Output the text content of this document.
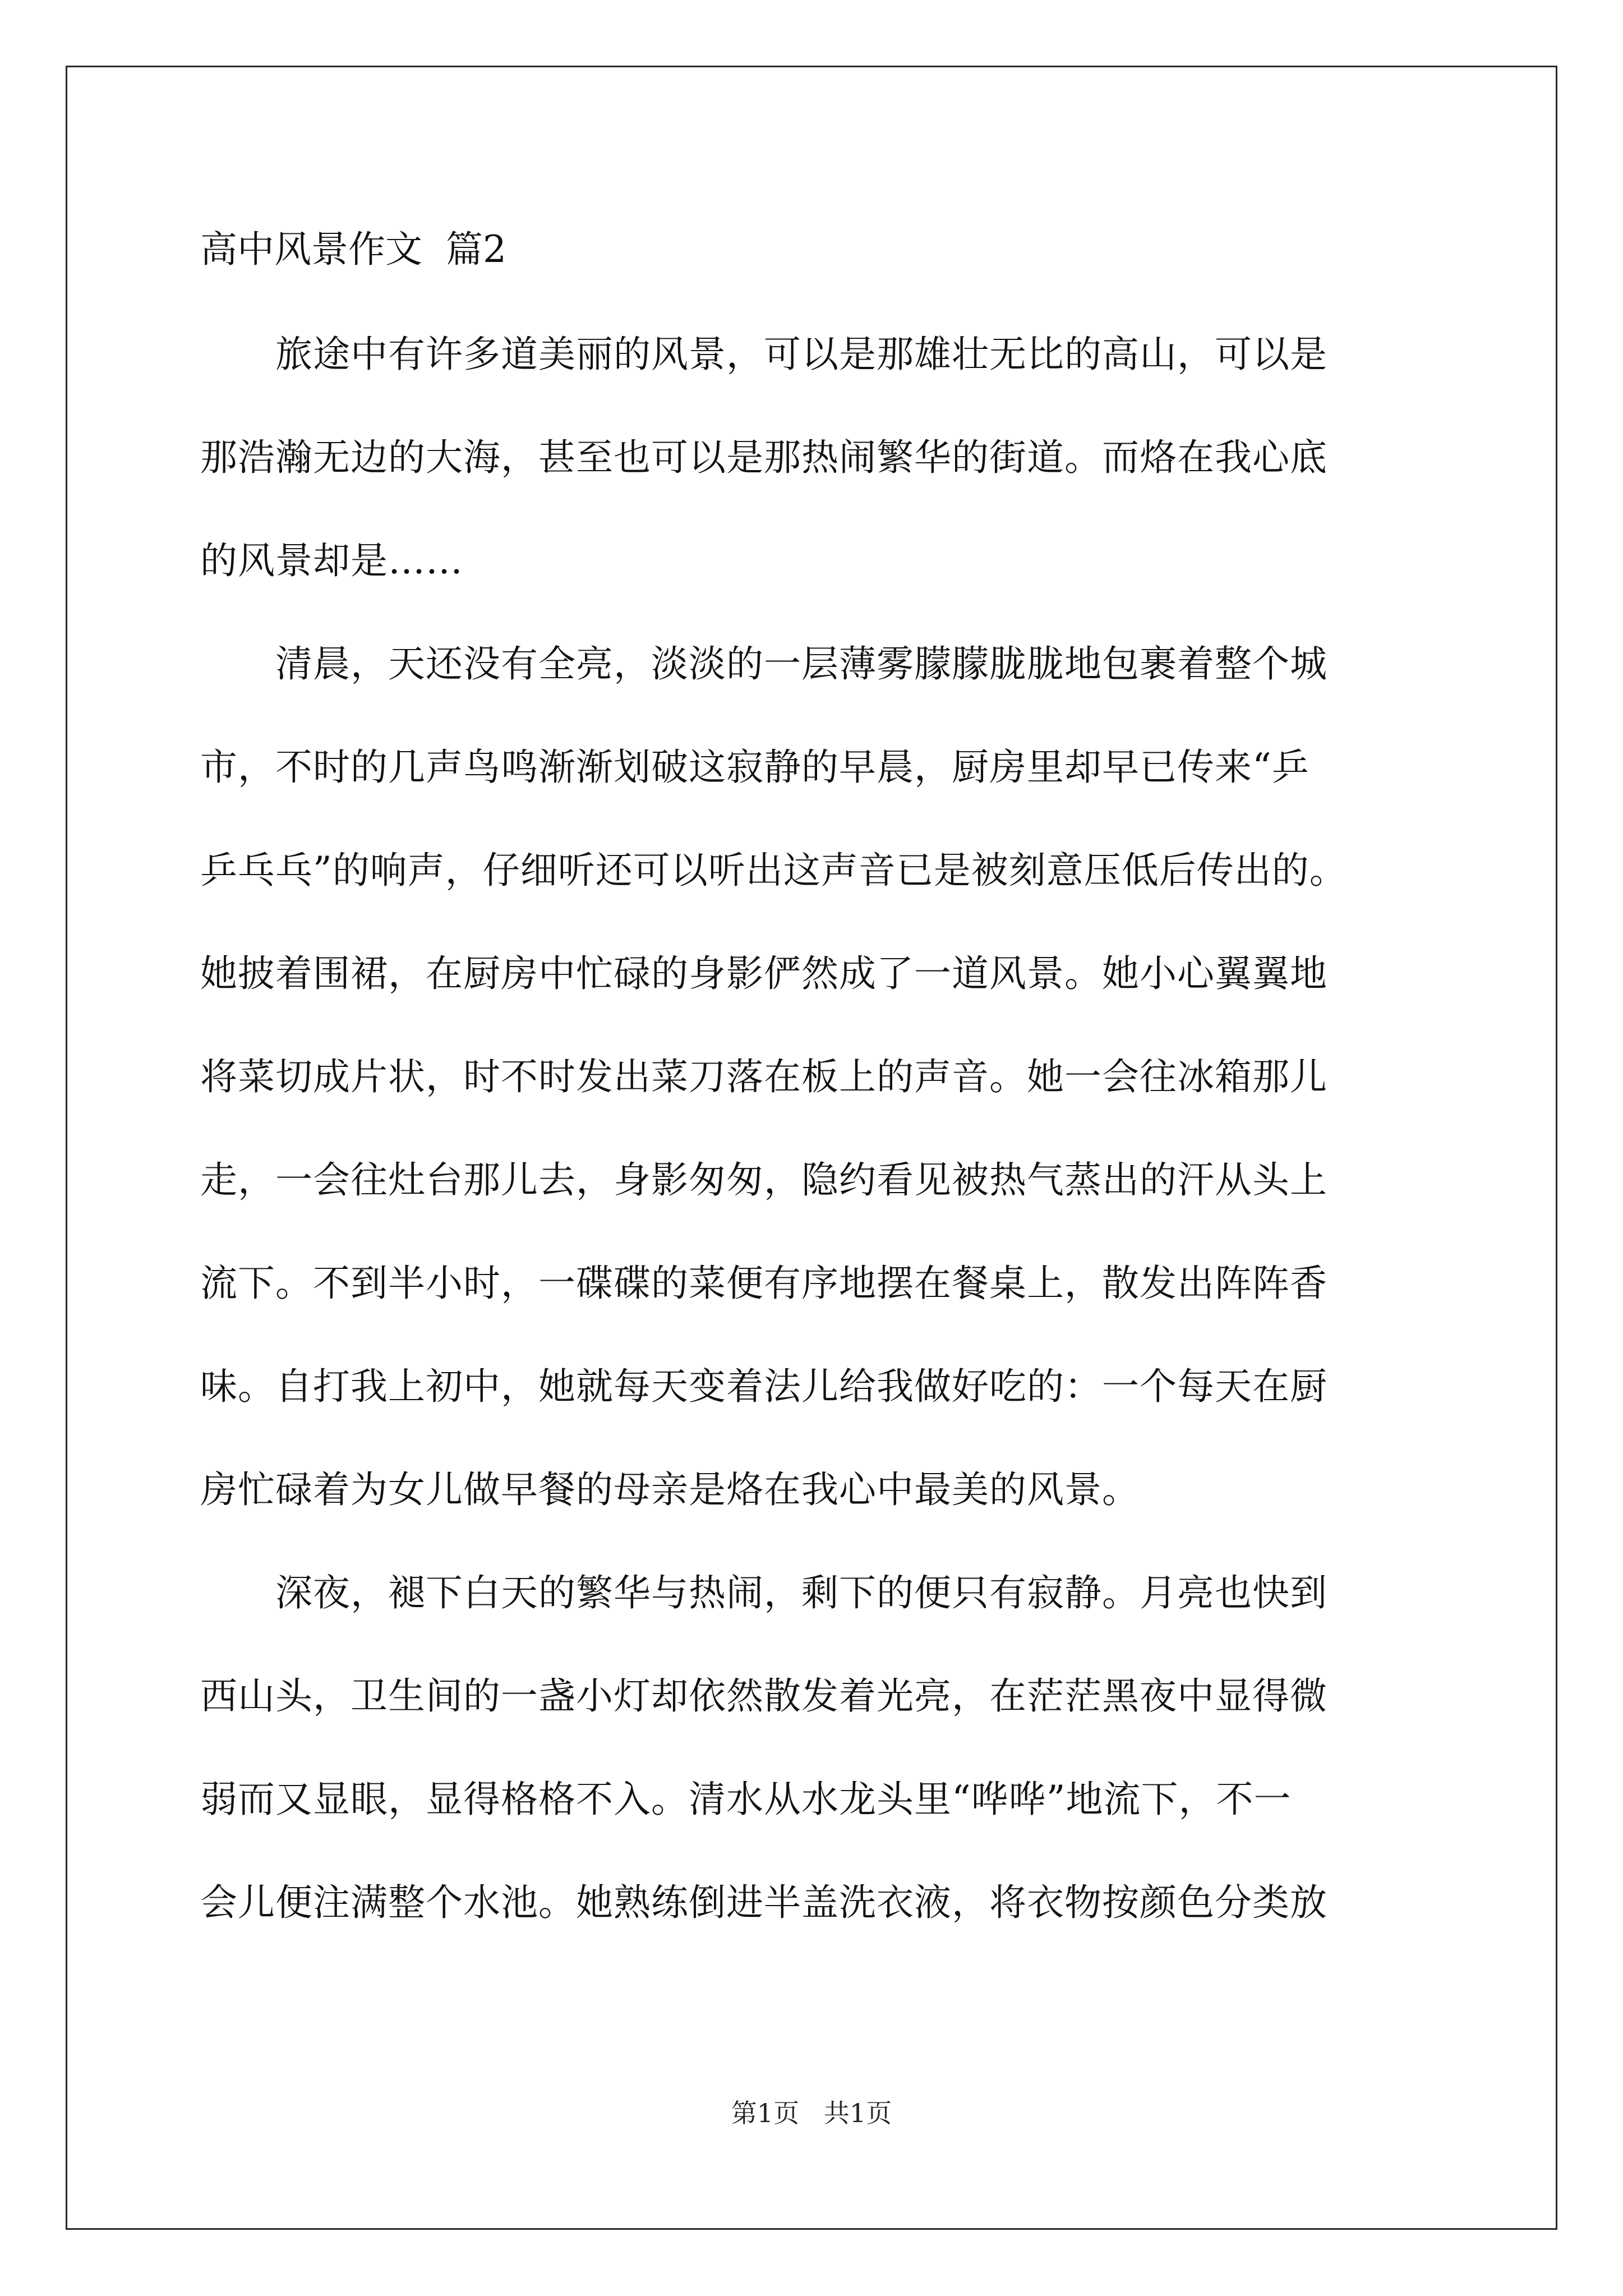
高中风景作文  篇2
　　旅途中有许多道美丽的风景，可以是那雄壮无比的高山，可以是
那浩瀚无边的大海，甚至也可以是那热闹繁华的街道。而烙在我心底
的风景却是……
　　清晨，天还没有全亮，淡淡的一层薄雾朦朦胧胧地包裹着整个城
市，不时的几声鸟鸣渐渐划破这寂静的早晨，厨房里却早已传来“乒
乒乓乓”的响声，仔细听还可以听出这声音已是被刻意压低后传出的。
她披着围裙，在厨房中忙碌的身影俨然成了一道风景。她小心翼翼地
将菜切成片状，时不时发出菜刀落在板上的声音。她一会往冰箱那儿
走，一会往灶台那儿去，身影匆匆，隐约看见被热气蒸出的汗从头上
流下。不到半小时，一碟碟的菜便有序地摆在餐桌上，散发出阵阵香
味。自打我上初中，她就每天变着法儿给我做好吃的：一个每天在厨
房忙碌着为女儿做早餐的母亲是烙在我心中最美的风景。
　　深夜，褪下白天的繁华与热闹，剩下的便只有寂静。月亮也快到
西山头，卫生间的一盏小灯却依然散发着光亮，在茫茫黑夜中显得微
弱而又显眼，显得格格不入。清水从水龙头里“哗哗”地流下，不一
会儿便注满整个水池。她熟练倒进半盖洗衣液，将衣物按颜色分类放
第1页   共1页
